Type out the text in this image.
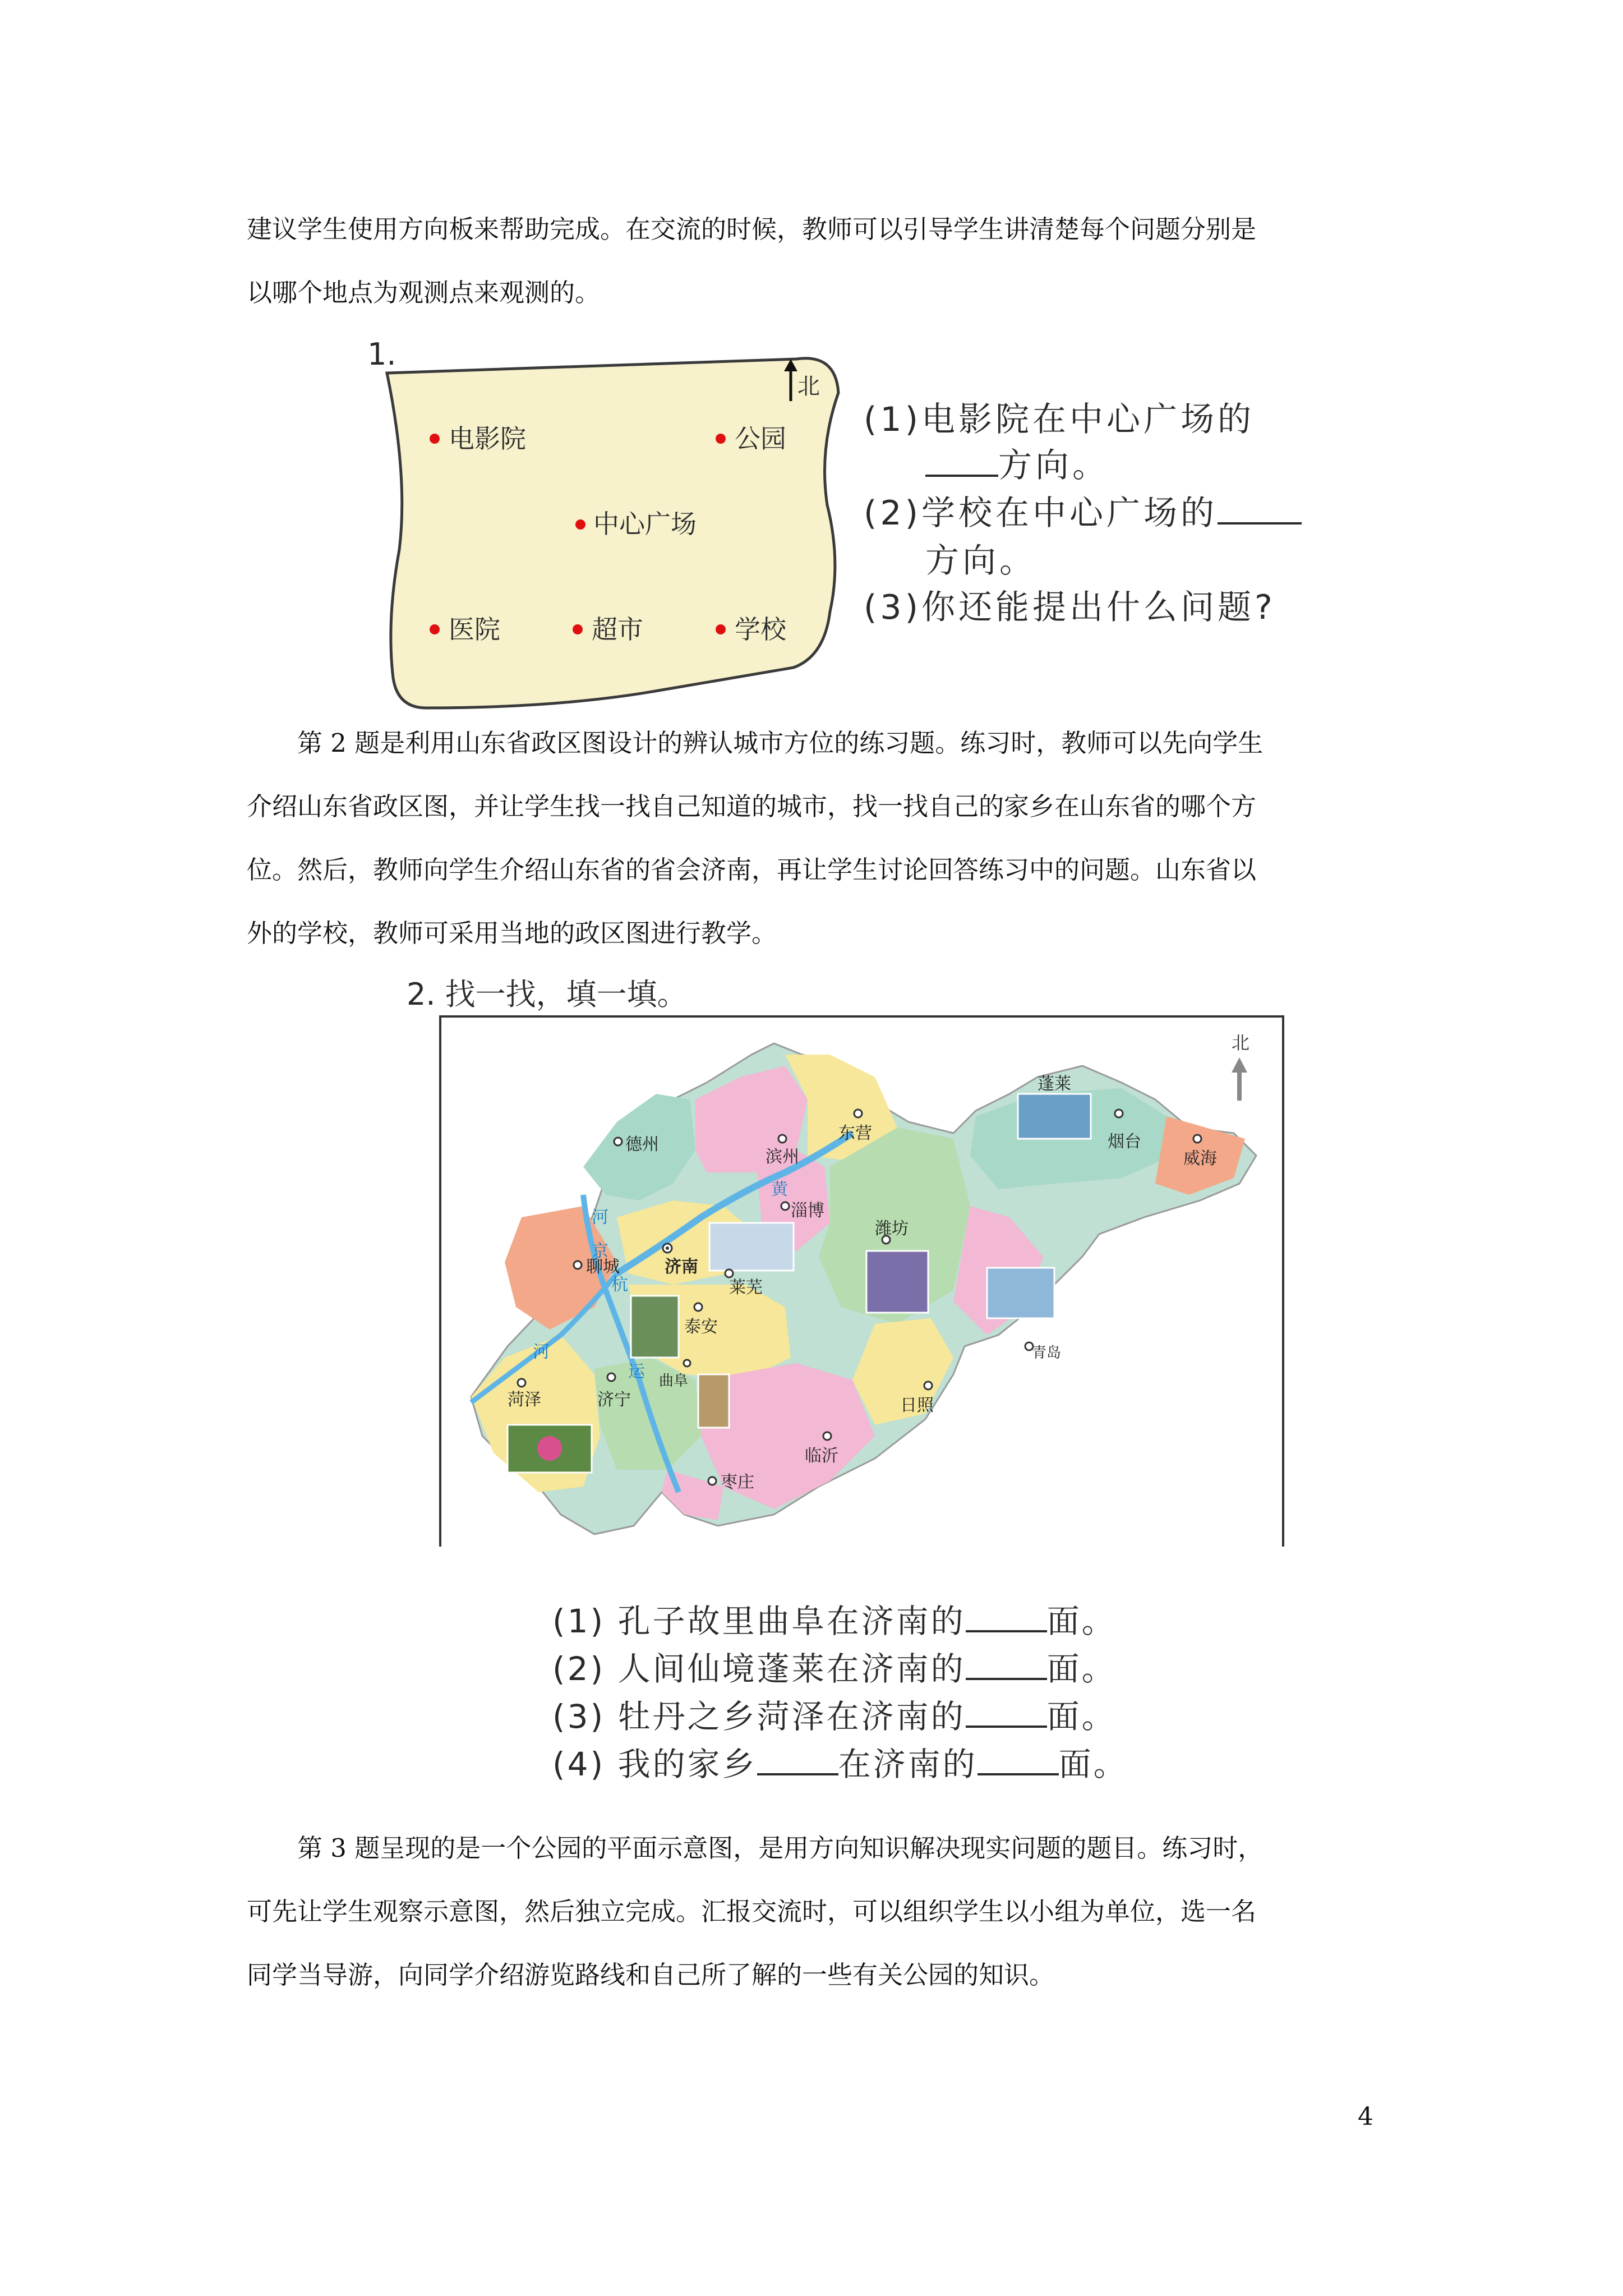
建议学生使用方向板来帮助完成。在交流的时候，教师可以引导学生讲清楚每个问题分别是
以哪个地点为观测点来观测的。
1.
北
电影院	公园
中心广场
医院	超市	学校
(1)电影院在中心广场的
方向。
(2)学校在中心广场的
方向。
(3)你还能提出什么问题?
第 2 题是利用山东省政区图设计的辨认城市方位的练习题。练习时，教师可以先向学生
介绍山东省政区图，并让学生找一找自己知道的城市，找一找自己的家乡在山东省的哪个方
位。然后，教师向学生介绍山东省的省会济南，再让学生讨论回答练习中的问题。山东省以
外的学校，教师可采用当地的政区图进行教学。
2. 找一找，填一填。
北
黄
河
京
杭
运
河
德州
滨州
东营
蓬莱
烟台
威海
淄博
潍坊
聊城	济南
莱芜
泰安
青岛
曲阜
菏泽	济宁	日照
临沂
枣庄
(1) 孔子故里曲阜在济南的	面。
(2) 人间仙境蓬莱在济南的	面。
(3) 牡丹之乡菏泽在济南的	面。
(4) 我的家乡	在济南的	面。
第 3 题呈现的是一个公园的平面示意图，是用方向知识解决现实问题的题目。练习时，
可先让学生观察示意图，然后独立完成。汇报交流时，可以组织学生以小组为单位，选一名
同学当导游，向同学介绍游览路线和自己所了解的一些有关公园的知识。
4
